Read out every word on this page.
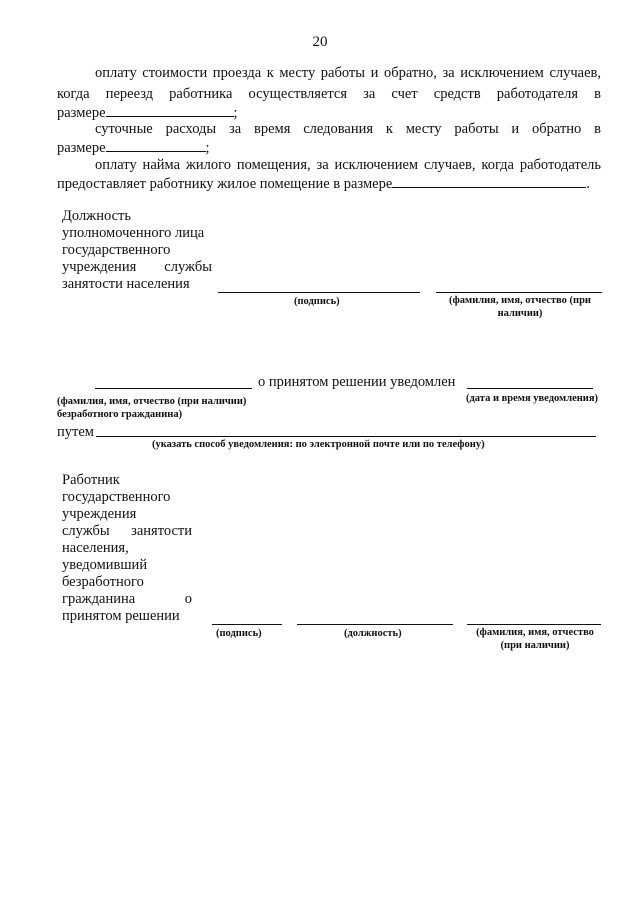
20
оплату стоимости проезда к месту работы и обратно, за исключением случаев,
когда переезд работника осуществляется за счет средств работодателя в
размере	;
суточные расходы за время следования к месту работы и обратно в
размере	;
оплату найма жилого помещения, за исключением случаев, когда работодатель
предоставляет работнику жилое помещение в размере	.
Должность
уполномоченного лица
государственного
учреждения службы
занятости населения
(подпись)	(фамилия, имя, отчество (при наличии)
о принятом решении уведомлен
(фамилия, имя, отчество (при наличии) безработного гражданина)
(дата и время уведомления)
путем
(указать способ уведомления: по электронной почте или по телефону)
Работник
государственного
учреждения
службы занятости
населения,
уведомивший
безработного
гражданина о
принятом решении
(подпись)	(должность)	(фамилия, имя, отчество (при наличии)
